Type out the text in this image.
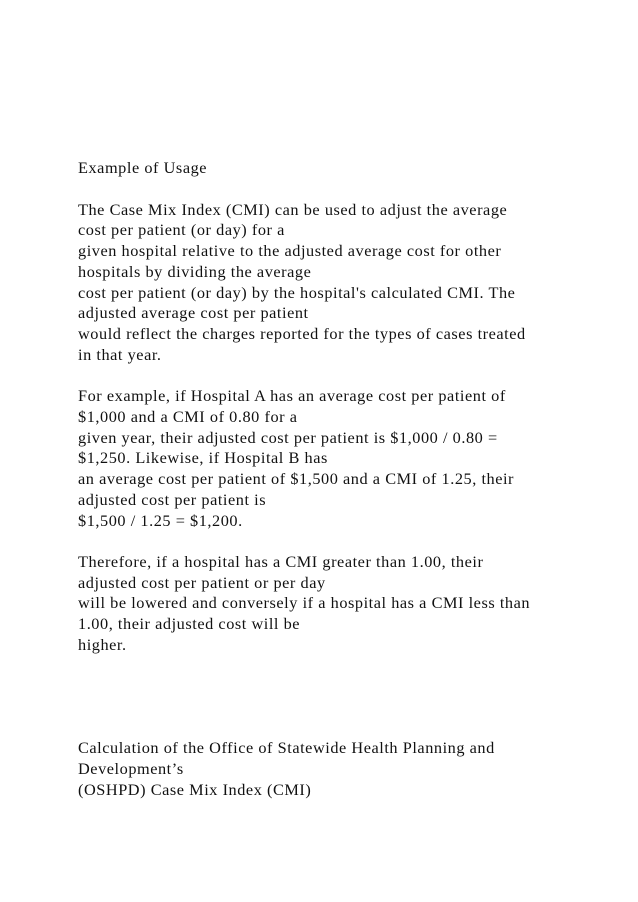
Example of Usage

The Case Mix Index (CMI) can be used to adjust the average

cost per patient (or day) for a

given hospital relative to the adjusted average cost for other

hospitals by dividing the average

cost per patient (or day) by the hospital's calculated CMI. The

adjusted average cost per patient

would reflect the charges reported for the types of cases treated

in that year.

For example, if Hospital A has an average cost per patient of

$1,000 and a CMI of 0.80 for a

given year, their adjusted cost per patient is $1,000 / 0.80 =

$1,250. Likewise, if Hospital B has

an average cost per patient of $1,500 and a CMI of 1.25, their

adjusted cost per patient is

$1,500 / 1.25 = $1,200.

Therefore, if a hospital has a CMI greater than 1.00, their

adjusted cost per patient or per day

will be lowered and conversely if a hospital has a CMI less than

1.00, their adjusted cost will be

higher.

Calculation of the Office of Statewide Health Planning and

Development’s

(OSHPD) Case Mix Index (CMI)
